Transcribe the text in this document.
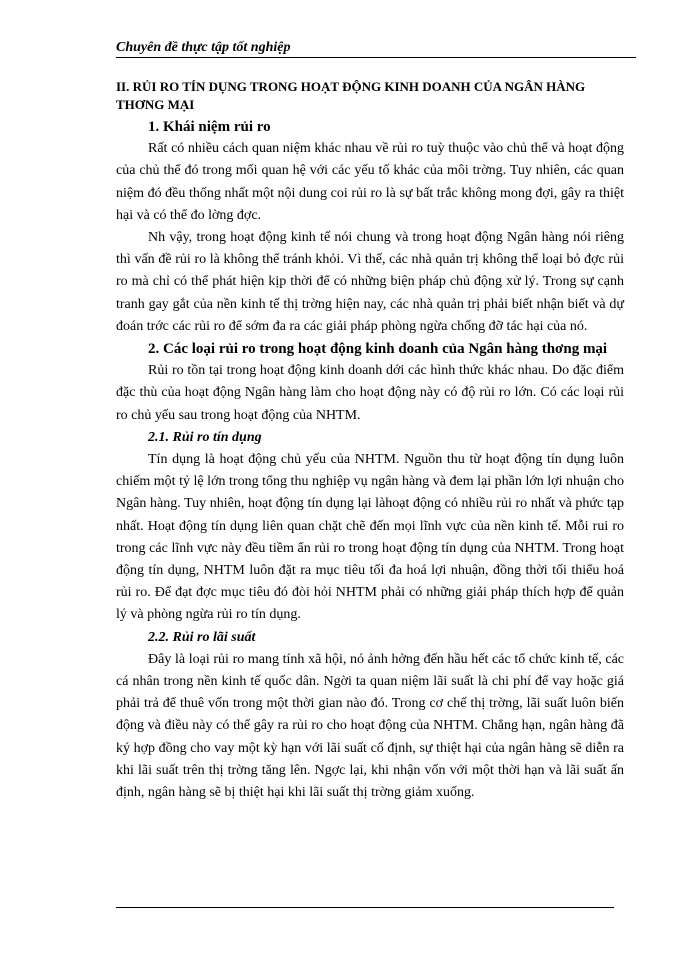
Chuyên đề thực tập tốt nghiệp
II. RỦI RO TÍN DỤNG TRONG HOẠT ĐỘNG KINH DOANH CỦA NGÂN HÀNG THƠNG MẠI

1. Khái niệm rủi ro

Rất có nhiều cách quan niệm khác nhau về rủi ro tuỳ thuộc vào chủ thể và hoạt động của chủ thể đó trong mối quan hệ với các yếu tố khác của môi trờng. Tuy nhiên, các quan niệm đó đều thống nhất một nội dung coi rủi ro là sự bất trắc không mong đợi, gây ra thiệt hại và có thể đo lờng đợc.

Nh vậy, trong hoạt động kinh tế nói chung và trong hoạt động Ngân hàng nói riêng thì vấn đề rủi ro là không thể tránh khỏi. Vì thế, các nhà quản trị không thể loại bỏ đợc rủi ro mà chỉ có thể phát hiện kịp thời để có những biện pháp chủ động xử lý. Trong sự cạnh tranh gay gắt của nền kinh tế thị trờng hiện nay, các nhà quản trị phải biết nhận biết và dự đoán trớc các rủi ro để sớm đa ra các giải pháp phòng ngừa chống đỡ tác hại của nó.

2. Các loại rủi ro trong hoạt động kinh doanh của Ngân hàng thơng mại

Rủi ro tồn tại trong hoạt động kinh doanh dới các hình thức khác nhau. Do đặc điểm đặc thù của hoạt động Ngân hàng làm cho hoạt động này có độ rủi ro lớn. Có các loại rủi ro chủ yếu sau trong hoạt động của NHTM.

2.1. Rủi ro tín dụng

Tín dụng là hoạt động chủ yếu của NHTM. Nguồn thu từ hoạt động tín dụng luôn chiếm một tỷ lệ lớn trong tổng thu nghiệp vụ ngân hàng và đem lại phần lớn lợi nhuận cho Ngân hàng. Tuy nhiên, hoạt động tín dụng lại làhoạt động có nhiều rủi ro nhất và phức tạp nhất. Hoạt động tín dụng liên quan chặt chẽ đến mọi lĩnh vực của nền kinh tế. Mỗi rui ro trong các lĩnh vực này đều tiềm ẩn rủi ro trong hoạt động tín dụng của NHTM. Trong hoạt động tín dụng, NHTM luôn đặt ra mục tiêu tối đa hoá lợi nhuận, đồng thời tối thiểu hoá rủi ro. Để đạt đợc mục tiêu đó đòi hỏi NHTM phải có những giải pháp thích hợp để quản lý và phòng ngừa rủi ro tín dụng.

2.2. Rủi ro lãi suất

Đây là loại rủi ro mang tính xã hội, nó ảnh hởng đến hầu hết các tổ chức kinh tế, các cá nhân trong nền kinh tế quốc dân. Ngời ta quan niệm lãi suất là chi phí để vay hoặc giá phải trả để thuê vốn trong một thời gian nào đó. Trong cơ chế thị trờng, lãi suất luôn biến động và điều này có thể gây ra rủi ro cho hoạt động của NHTM. Chẳng hạn, ngân hàng đã ký hợp đồng cho vay một kỳ hạn với lãi suất cố định, sự thiệt hại của ngân hàng sẽ diễn ra khi lãi suất trên thị trờng tăng lên. Ngợc lại, khi nhận vốn với một thời hạn và lãi suất ấn định, ngân hàng sẽ bị thiệt hại khi lãi suất thị trờng giảm xuống.
